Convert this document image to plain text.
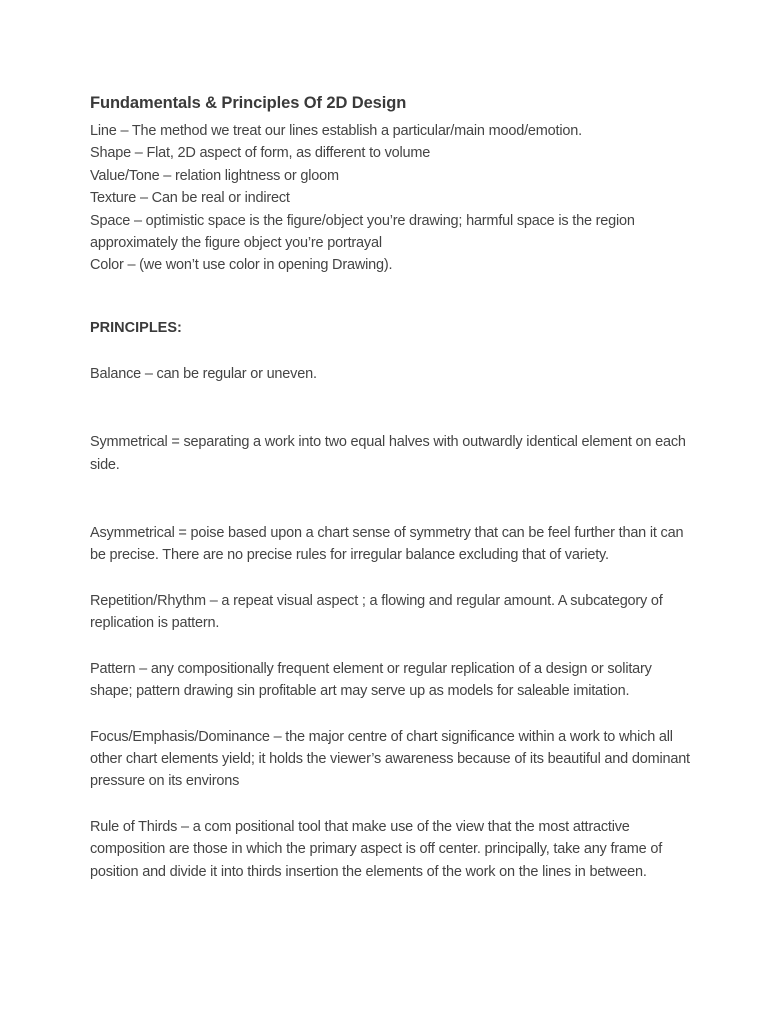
Fundamentals & Principles Of 2D Design

Line – The method we treat our lines establish a particular/main mood/emotion.

Shape – Flat, 2D aspect of form, as different to volume

Value/Tone – relation lightness or gloom

Texture – Can be real or indirect

Space – optimistic space is the figure/object you’re drawing; harmful space is the region approximately the figure object you’re portrayal

Color – (we won’t use color in opening Drawing).

PRINCIPLES:

Balance – can be regular or uneven.

Symmetrical = separating a work into two equal halves with outwardly identical element on each side.

Asymmetrical = poise based upon a chart sense of symmetry that can be feel further than it can be precise. There are no precise rules for irregular balance excluding that of variety.

Repetition/Rhythm – a repeat visual aspect ; a flowing and regular amount. A subcategory of replication is pattern.

Pattern – any compositionally frequent element or regular replication of a design or solitary shape; pattern drawing sin profitable art may serve up as models for saleable imitation.

Focus/Emphasis/Dominance – the major centre of chart significance within a work to which all other chart elements yield; it holds the viewer’s awareness because of its beautiful and dominant pressure on its environs

Rule of Thirds – a com positional tool that make use of the view that the most attractive composition are those in which the primary aspect is off center. principally, take any frame of position and divide it into thirds insertion the elements of the work on the lines in between.
